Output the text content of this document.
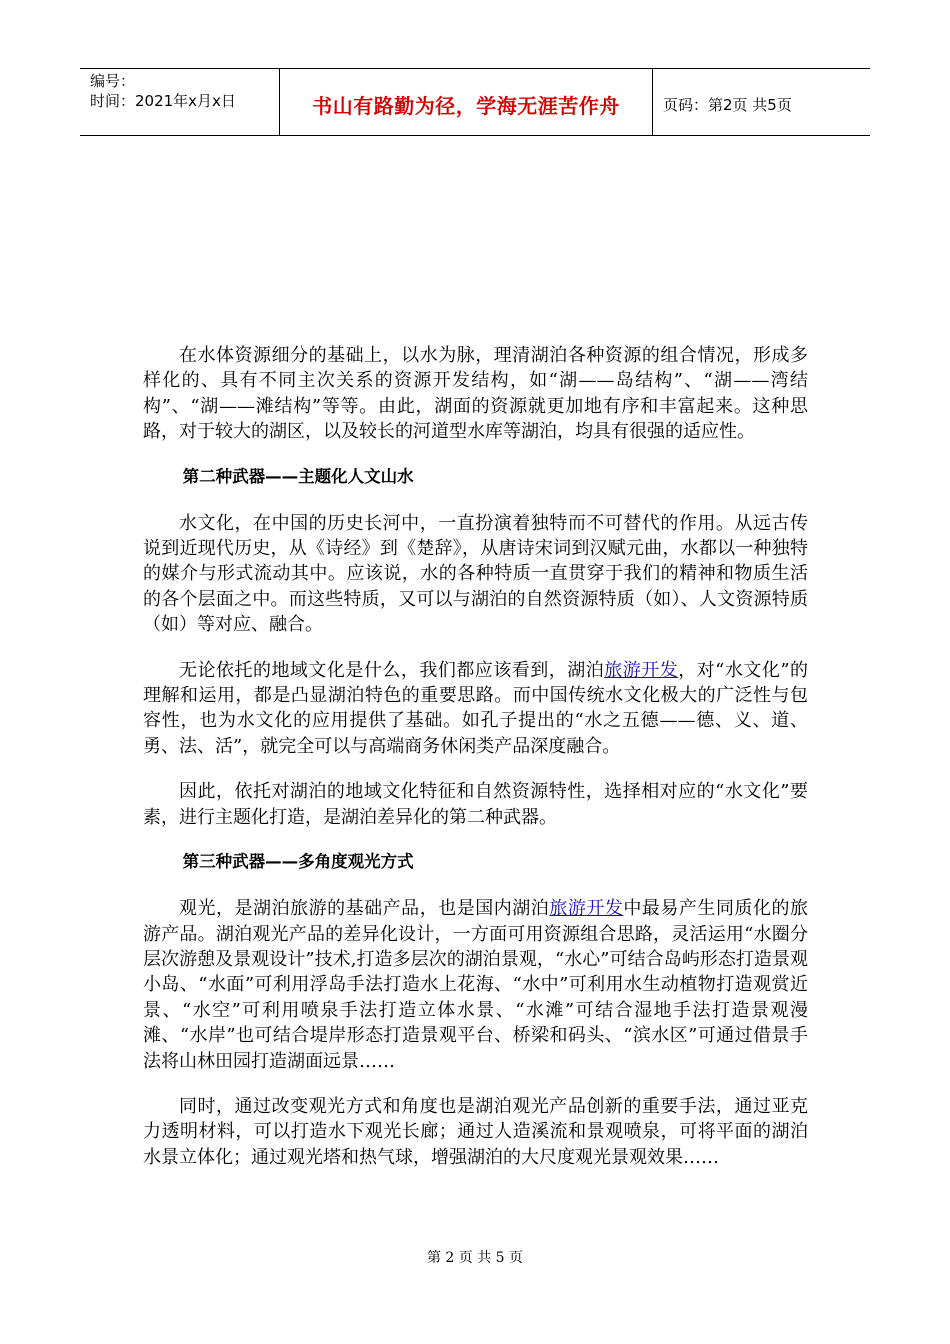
编号：
时间：2021年x月x日	书山有路勤为径，学海无涯苦作舟	页码：第2页 共5页

在水体资源细分的基础上，以水为脉，理清湖泊各种资源的组合情况，形成多样化的、具有不同主次关系的资源开发结构，如“湖——岛结构”、“湖——湾结构”、“湖——滩结构”等等。由此，湖面的资源就更加地有序和丰富起来。这种思路，对于较大的湖区，以及较长的河道型水库等湖泊，均具有很强的适应性。

第二种武器——主题化人文山水

水文化，在中国的历史长河中，一直扮演着独特而不可替代的作用。从远古传说到近现代历史，从《诗经》到《楚辞》，从唐诗宋词到汉赋元曲，水都以一种独特的媒介与形式流动其中。应该说，水的各种特质一直贯穿于我们的精神和物质生活的各个层面之中。而这些特质，又可以与湖泊的自然资源特质（如）、人文资源特质（如）等对应、融合。

无论依托的地域文化是什么，我们都应该看到，湖泊旅游开发，对“水文化”的理解和运用，都是凸显湖泊特色的重要思路。而中国传统水文化极大的广泛性与包容性，也为水文化的应用提供了基础。如孔子提出的“水之五德——德、义、道、勇、法、活”，就完全可以与高端商务休闲类产品深度融合。

因此，依托对湖泊的地域文化特征和自然资源特性，选择相对应的“水文化”要素，进行主题化打造，是湖泊差异化的第二种武器。

第三种武器——多角度观光方式

观光，是湖泊旅游的基础产品，也是国内湖泊旅游开发中最易产生同质化的旅游产品。湖泊观光产品的差异化设计，一方面可用资源组合思路，灵活运用“水圈分层次游憩及景观设计”技术,打造多层次的湖泊景观，“水心”可结合岛屿形态打造景观小岛、“水面”可利用浮岛手法打造水上花海、“水中”可利用水生动植物打造观赏近景、“水空”可利用喷泉手法打造立体水景、“水滩”可结合湿地手法打造景观漫滩、“水岸”也可结合堤岸形态打造景观平台、桥梁和码头、“滨水区”可通过借景手法将山林田园打造湖面远景……

同时，通过改变观光方式和角度也是湖泊观光产品创新的重要手法，通过亚克力透明材料，可以打造水下观光长廊；通过人造溪流和景观喷泉，可将平面的湖泊水景立体化；通过观光塔和热气球，增强湖泊的大尺度观光景观效果……

第 2 页 共 5 页
